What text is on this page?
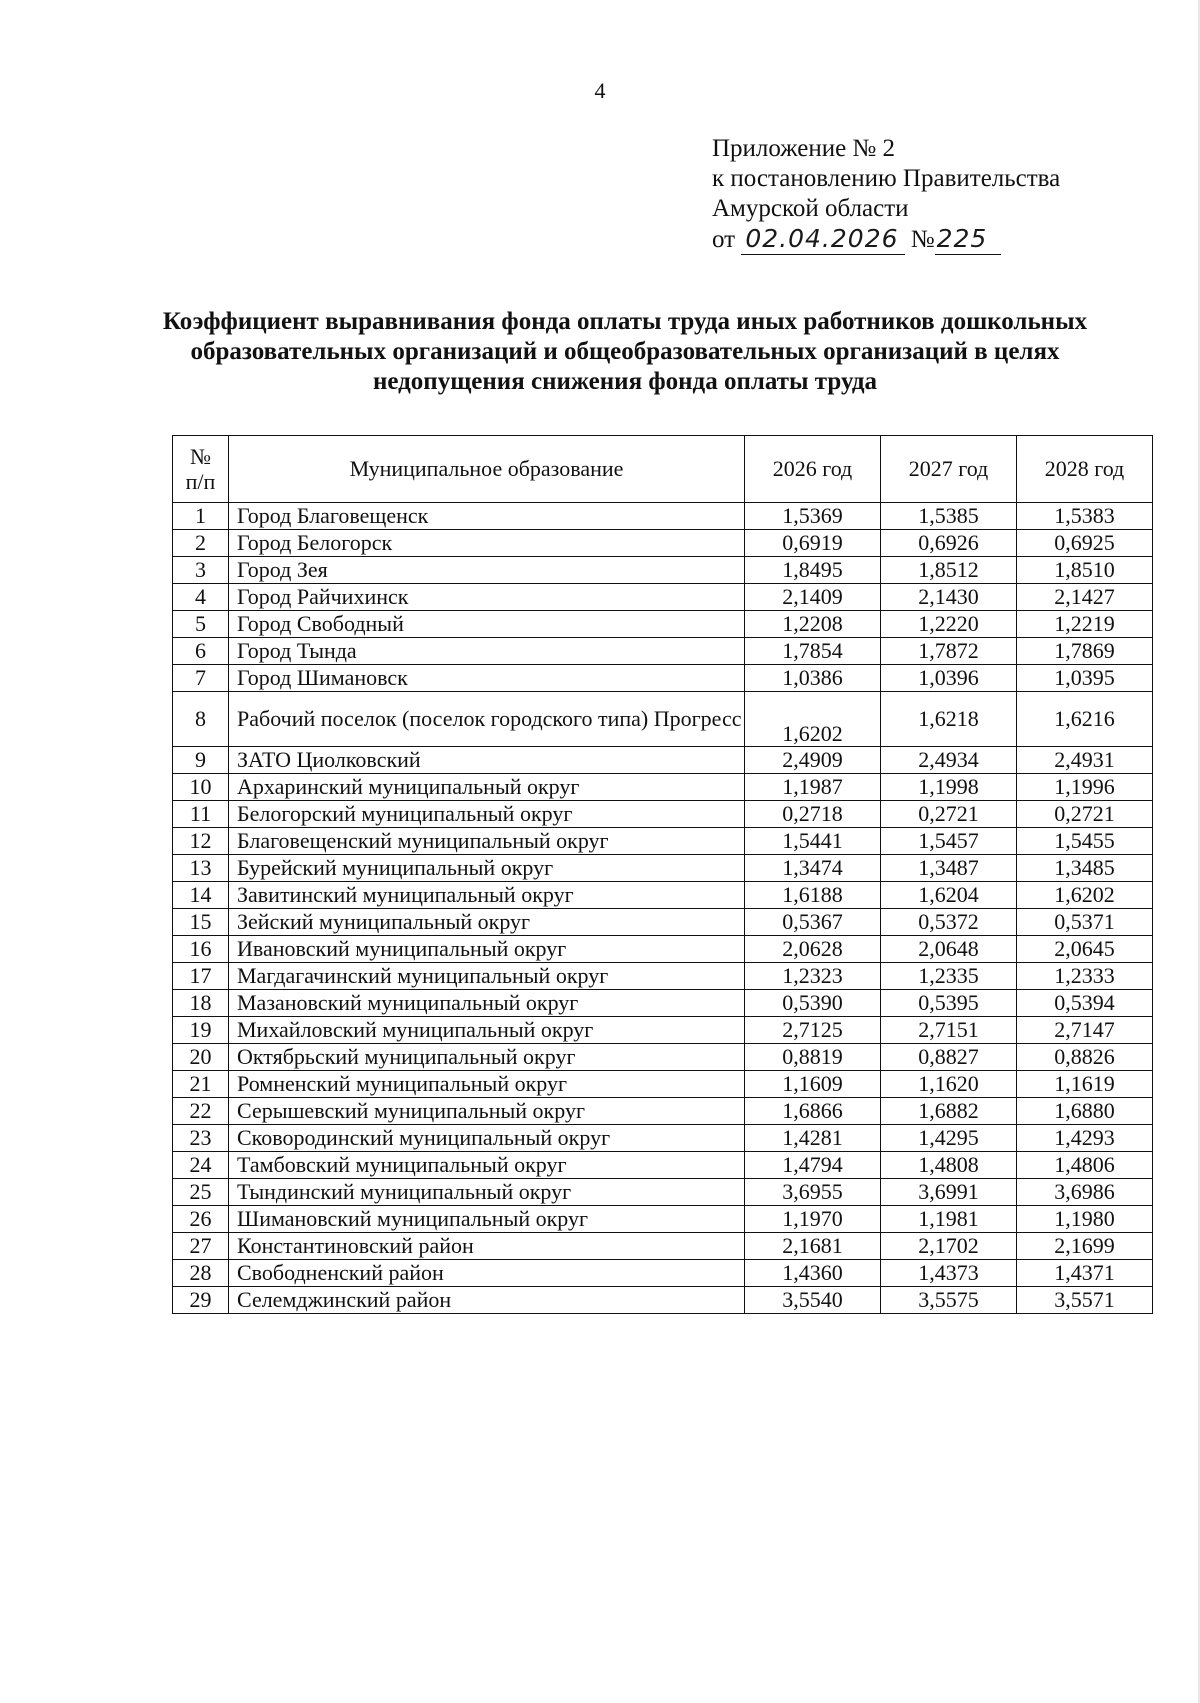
4
Приложение № 2
к постановлению Правительства
Амурской области
от 02.04.2026 №225
Коэффициент выравнивания фонда оплаты труда иных работников дошкольных образовательных организаций и общеобразовательных организаций в целях недопущения снижения фонда оплаты труда
№
п/п	Муниципальное образование	2026 год	2027 год	2028 год
1	Город Благовещенск	1,5369	1,5385	1,5383
2	Город Белогорск	0,6919	0,6926	0,6925
3	Город Зея	1,8495	1,8512	1,8510
4	Город Райчихинск	2,1409	2,1430	2,1427
5	Город Свободный	1,2208	1,2220	1,2219
6	Город Тында	1,7854	1,7872	1,7869
7	Город Шимановск	1,0386	1,0396	1,0395
8	Рабочий поселок (поселок городского типа) Прогресс	1,6202	1,6218	1,6216
9	ЗАТО Циолковский	2,4909	2,4934	2,4931
10	Архаринский муниципальный округ	1,1987	1,1998	1,1996
11	Белогорский муниципальный округ	0,2718	0,2721	0,2721
12	Благовещенский муниципальный округ	1,5441	1,5457	1,5455
13	Бурейский муниципальный округ	1,3474	1,3487	1,3485
14	Завитинский муниципальный округ	1,6188	1,6204	1,6202
15	Зейский муниципальный округ	0,5367	0,5372	0,5371
16	Ивановский муниципальный округ	2,0628	2,0648	2,0645
17	Магдагачинский муниципальный округ	1,2323	1,2335	1,2333
18	Мазановский муниципальный округ	0,5390	0,5395	0,5394
19	Михайловский муниципальный округ	2,7125	2,7151	2,7147
20	Октябрьский муниципальный округ	0,8819	0,8827	0,8826
21	Ромненский муниципальный округ	1,1609	1,1620	1,1619
22	Серышевский муниципальный округ	1,6866	1,6882	1,6880
23	Сковородинский муниципальный округ	1,4281	1,4295	1,4293
24	Тамбовский муниципальный округ	1,4794	1,4808	1,4806
25	Тындинский муниципальный округ	3,6955	3,6991	3,6986
26	Шимановский муниципальный округ	1,1970	1,1981	1,1980
27	Константиновский район	2,1681	2,1702	2,1699
28	Свободненский район	1,4360	1,4373	1,4371
29	Селемджинский район	3,5540	3,5575	3,5571
